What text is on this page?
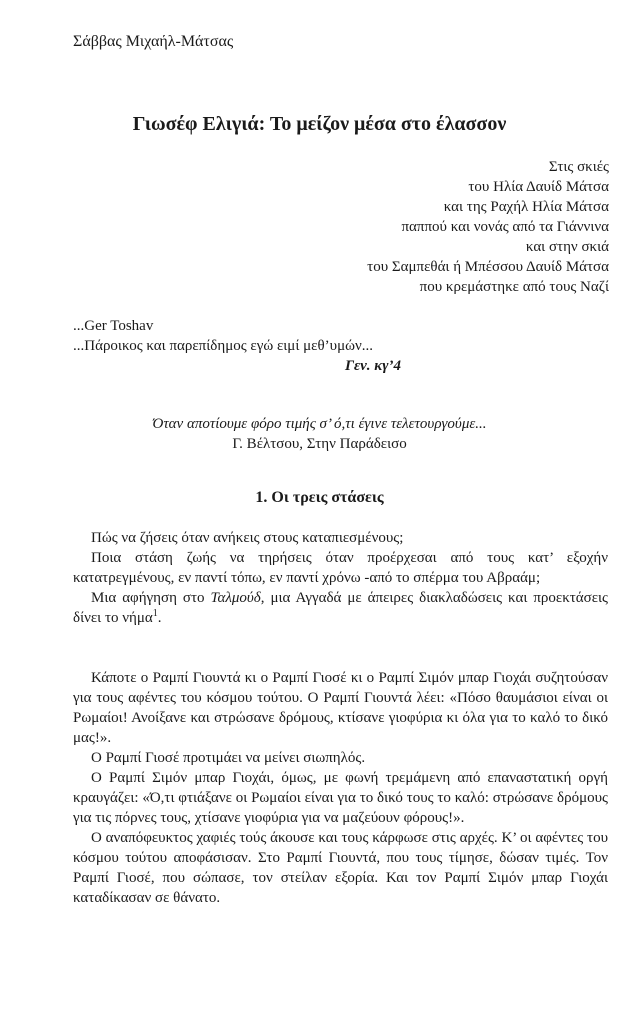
Σάββας Μιχαήλ-Μάτσας
Γιωσέφ Ελιγιά: Το μείζον μέσα στο έλασσον
Στις σκιές
του Ηλία Δαυίδ Μάτσα
και της Ραχήλ Ηλία Μάτσα
παππού και νονάς από τα Γιάννινα
και στην σκιά
του Σαμπεθάι ή Μπέσσου Δαυίδ Μάτσα
που κρεμάστηκε από τους Ναζί
...Ger Toshav
...Πάροικος και παρεπίδημος εγώ ειμί μεθ’υμών...
Γεν. κγ’4
Όταν αποτίουμε φόρο τιμής σ’ ό,τι έγινε τελετουργούμε...
Γ. Βέλτσου, Στην Παράδεισο
1. Οι τρεις στάσεις

Πώς να ζήσεις όταν ανήκεις στους καταπιεσμένους;

Ποια στάση ζωής να τηρήσεις όταν προέρχεσαι από τους κατ’ εξοχήν κατατρεγμένους, εν παντί τόπω, εν παντί χρόνω -από το σπέρμα του Αβραάμ;

Μια αφήγηση στο Ταλμούδ, μια Αγγαδά με άπειρες διακλαδώσεις και προεκτάσεις δίνει το νήμα$^1$.

Κάποτε ο Ραμπί Γιουντά κι ο Ραμπί Γιοσέ κι ο Ραμπί Σιμόν μπαρ Γιοχάι συζητούσαν για τους αφέντες του κόσμου τούτου. Ο Ραμπί Γιουντά λέει: «Πόσο θαυμάσιοι είναι οι Ρωμαίοι! Ανοίξανε και στρώσανε δρόμους, κτίσανε γιοφύρια κι όλα για το καλό το δικό μας!».

Ο Ραμπί Γιοσέ προτιμάει να μείνει σιωπηλός.

Ο Ραμπί Σιμόν μπαρ Γιοχάι, όμως, με φωνή τρεμάμενη από επαναστατική οργή κραυγάζει: «Ό,τι φτιάξανε οι Ρωμαίοι είναι για το δικό τους το καλό: στρώσανε δρόμους για τις πόρνες τους, χτίσανε γιοφύρια για να μαζεύουν φόρους!».

Ο αναπόφευκτος χαφιές τούς άκουσε και τους κάρφωσε στις αρχές. Κ’ οι αφέντες του κόσμου τούτου αποφάσισαν. Στο Ραμπί Γιουντά, που τους τίμησε, δώσαν τιμές. Τον Ραμπί Γιοσέ, που σώπασε, τον στείλαν εξορία. Και τον Ραμπί Σιμόν μπαρ Γιοχάι καταδίκασαν σε θάνατο.
